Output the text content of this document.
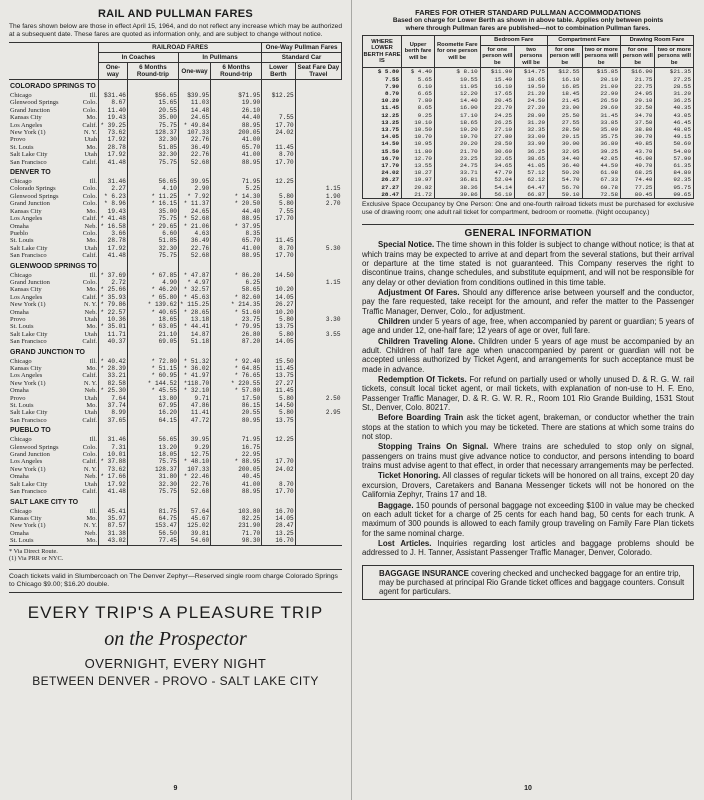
RAIL AND PULLMAN FARES
The fares shown below are those in effect April 15, 1964, and do not reflect any increase which may be authorized at a subsequent date. These fares are quoted as information only, and are subject to change without notice.
	RAILROAD FARES				One-Way Pullman Fares	
	In Coaches		In Pullmans		Standard Car	
	One-way	6 Months Round-trip	One-way	6 Months Round-trip	Lower Berth	Seat Fare Day Travel
COLORADO SPRINGS TO						
Chicago Ill.	$31.46	$56.65	$39.95	$71.95	$12.25	
Glenwood Springs Colo.	8.67	15.65	11.03	19.90		
Grand Junction Colo.	11.40	20.55	14.48	26.10		
Kansas City Mo.	19.43	35.00	24.65	44.40	7.55	
Los Angeles Calif.	* 39.25	75.75	* 49.84	88.95	17.70	
New York (1) N. Y.	73.62	128.37	107.33	200.05	24.02	
Provo Utah	17.92	32.30	22.76	41.00		
St. Louis Mo.	28.78	51.85	36.49	65.70	11.45	
Salt Lake City Utah	17.92	32.30	22.76	41.00	8.70	
San Francisco Calif.	41.48	75.75	52.68	88.95	17.70	
DENVER TO						
Chicago Ill.	31.46	56.65	39.95	71.95	12.25	
Colorado Springs Colo.	2.27	4.10	2.90	5.25		1.15
Glenwood Springs Colo.	* 6.23	* 11.25	* 7.92	* 14.30	5.80	1.90
Grand Junction Colo.	* 8.96	* 16.15	* 11.37	* 20.50	5.80	2.70
Kansas City Mo.	19.43	35.00	24.65	44.40	7.55	
Los Angeles Calif.	* 41.48	75.75	* 52.68	88.95	17.70	
Omaha Neb.	* 16.58	* 29.65	* 21.06	* 37.95		
Pueblo Colo.	3.66	6.60	4.63	8.35		
St. Louis Mo.	28.78	51.85	36.49	65.70	11.45	
Salt Lake City Utah	17.92	32.30	22.76	41.00	8.70	5.30
San Francisco Calif.	41.48	75.75	52.68	88.95	17.70	
GLENWOOD SPRINGS TO						
Chicago Ill.	* 37.69	* 67.85	* 47.87	* 86.20	14.50	
Grand Junction Colo.	2.72	4.90	* 4.97	6.25		1.15
Kansas City Mo.	* 25.66	* 46.20	* 32.57	58.65	10.20	
Los Angeles Calif.	* 35.93	* 65.80	* 45.63	* 82.60	14.05	
New York (1) N. Y.	* 79.86	* 139.62	* 115.25	* 214.35	26.27	
Omaha Neb.	* 22.57	* 40.65	* 28.65	* 51.60	10.20	
Provo Utah	10.36	18.65	13.18	23.75	5.80	3.30
St. Louis Mo.	* 35.01	* 63.05	* 44.41	* 79.95	13.75	
Salt Lake City Utah	11.71	21.10	14.87	26.80	5.80	3.55
San Francisco Calif.	40.37	69.05	51.18	87.20	14.05	
GRAND JUNCTION TO						
Chicago Ill.	* 40.42	* 72.80	* 51.32	* 92.40	15.50	
Kansas City Mo.	* 28.39	* 51.15	* 36.02	* 64.85	11.45	
Los Angeles Calif.	33.21	* 60.95	* 41.97	* 76.65	13.75	
New York (1) N. Y.	82.58	* 144.52	*118.70	* 220.55	27.27	
Omaha Neb.	* 25.30	* 45.55	* 32.10	* 57.80	11.45	
Provo Utah	7.64	13.80	9.71	17.50	5.80	2.50
St. Louis Mo.	37.74	67.95	47.86	86.15	14.50	
Salt Lake City Utah	8.99	16.20	11.41	20.55	5.80	2.95
San Francisco Calif.	37.65	64.15	47.72	80.95	13.75	
PUEBLO TO						
Chicago Ill.	31.46	56.65	39.95	71.95	12.25	
Glenwood Springs Colo.	7.31	13.20	9.29	16.75		
Grand Junction Colo.	10.01	18.05	12.75	22.95		
Los Angeles Calif.	* 37.88	75.75	* 48.10	* 88.95	17.70	
New York (1) N. Y.	73.62	128.37	107.33	200.05	24.02	
Omaha Neb.	* 17.66	31.80	* 22.46	40.45		
Salt Lake City Utah	17.92	32.30	22.76	41.00	8.70	
San Francisco Calif.	41.48	75.75	52.68	88.95	17.70	
SALT LAKE CITY TO						
Chicago Ill.	45.41	81.75	57.64	103.80	16.70	
Kansas City Mo.	35.97	64.75	45.67	82.25	14.05	
New York (1) N. Y.	87.57	153.47	125.02	231.90	28.47	
Omaha Neb.	31.38	56.50	39.81	71.70	13.25	
St. Louis Mo.	43.02	77.45	54.60	98.30	16.70	
* Via Direct Route.
(1) Via PRR or NYC.
Coach tickets valid in Slumbercoach on The Denver Zephyr—Reserved single room charge Colorado Springs to Chicago $9.00; $16.20 double.
EVERY TRIP'S A PLEASURE TRIP
on the Prospector
OVERNIGHT, EVERY NIGHT
BETWEEN DENVER - PROVO - SALT LAKE CITY
9
FARES FOR OTHER STANDARD PULLMAN ACCOMMODATIONS
Based on charge for Lower Berth as shown in above table. Applies only between points
where through Pullman fares are published—not to combination Pullman fares.
WHERE LOWER BERTH FARE IS	Upper berth fare will be	Roomette Fare for one person will be	Bedroom Fare		Compartment Fare		Drawing Room Fare	
			for one person will be	two persons will be	for one person will be	two or more persons will be	for one person will be	two or more persons will be
$ 5.80	$ 4.40	$ 8.10	$11.90	$14.75	$12.55	$15.85	$16.90	$21.35
7.55	5.65	10.55	15.40	18.65	16.10	20.10	21.75	27.25
7.90	6.10	11.05	16.10	19.50	16.85	21.00	22.75	28.55
8.70	6.65	12.20	17.65	21.20	18.45	22.90	24.95	31.20
10.20	7.80	14.40	20.45	24.50	21.45	26.50	29.10	36.25
11.45	8.65	16.00	22.70	27.20	23.90	29.60	32.50	40.35
12.25	9.25	17.10	24.25	28.90	25.50	31.45	34.70	43.05
13.25	10.10	18.65	26.25	31.20	27.55	33.85	37.50	46.45
13.75	10.50	19.20	27.10	32.35	28.50	35.00	38.80	48.05
14.05	10.70	19.70	27.80	33.00	29.15	35.75	39.70	49.15
14.50	10.95	20.20	28.50	33.90	30.00	36.80	40.85	50.60
15.50	11.80	21.70	30.60	36.25	32.05	39.25	43.70	54.00
16.70	12.70	23.25	32.65	38.65	34.40	42.05	46.90	57.90
17.70	13.55	24.75	34.65	41.05	36.40	44.50	49.70	61.35
24.02	18.27	33.71	47.79	57.12	50.20	61.98	68.25	84.80
26.27	19.97	36.81	52.04	62.12	54.70	67.33	74.40	92.35
27.27	20.82	38.36	54.14	64.47	56.70	69.78	77.25	95.75
28.47	21.72	39.86	56.19	66.87	59.10	72.58	80.45	99.65
Exclusive Space Occupancy by One Person: One and one-fourth railroad tickets must be purchased for exclusive use of drawing room; one adult rail ticket for compartment, bedroom or roomette. (Night occupancy.)
GENERAL INFORMATION
Special Notice. The time shown in this folder is subject to change without notice; is that at which trains may be expected to arrive at and depart from the several stations, but their arrival or departure at the time stated is not guaranteed. This Company reserves the right to discontinue trains, change schedules, and substitute equipment, and will not be responsible for any delay or other deviation from conditions outlined in this time table.
Adjustment Of Fares. Should any difference arise between yourself and the conductor, pay the fare requested, take receipt for the amount, and refer the matter to the Passenger Traffic Manager, Denver, Colo., for adjustment.
Children under 5 years of age, free, when accompanied by parent or guardian; 5 years of age and under 12, one-half fare; 12 years of age or over, full fare.
Children Traveling Alone. Children under 5 years of age must be accompanied by an adult. Children of half fare age when unaccompanied by parent or guardian will not be accepted unless authorized by Ticket Agent, and arrangements for such acceptance must be made in advance.
Redemption Of Tickets. For refund on partially used or wholly unused D. & R. G. W. rail tickets, consult local ticket agent, or mail tickets, with explanation of non-use to H. F. Eno, Passenger Traffic Manager, D. & R. G. W. R. R., Room 101 Rio Grande Building, 1531 Stout St., Denver, Colo. 80217.
Before Boarding Train ask the ticket agent, brakeman, or conductor whether the train stops at the station to which you may be ticketed. There are stations at which some trains do not stop.
Stopping Trains On Signal. Where trains are scheduled to stop only on signal, passengers on trains must give advance notice to conductor, and persons intending to board trains must advise agent to that effect, in order that necessary arrangements may be perfected.
Ticket Honoring. All classes of regular tickets will be honored on all trains, except 20 day excursion, Drovers, Caretakers and Banana Messenger tickets will not be honored on the California Zephyr, Trains 17 and 18.
Baggage. 150 pounds of personal baggage not exceeding $100 in value may be checked on each adult ticket for a charge of 25 cents for each hand bag, 50 cents for each trunk. A maximum of 300 pounds is allowed to each family group traveling on Family Fare Plan tickets for the same nominal charge.
Lost Articles. Inquiries regarding lost articles and baggage problems should be addressed to J. H. Tanner, Assistant Passenger Traffic Manager, Denver, Colorado.
BAGGAGE INSURANCE covering checked and unchecked baggage for an entire trip, may be purchased at principal Rio Grande ticket offices and baggage counters. Consult agent for particulars.
10
